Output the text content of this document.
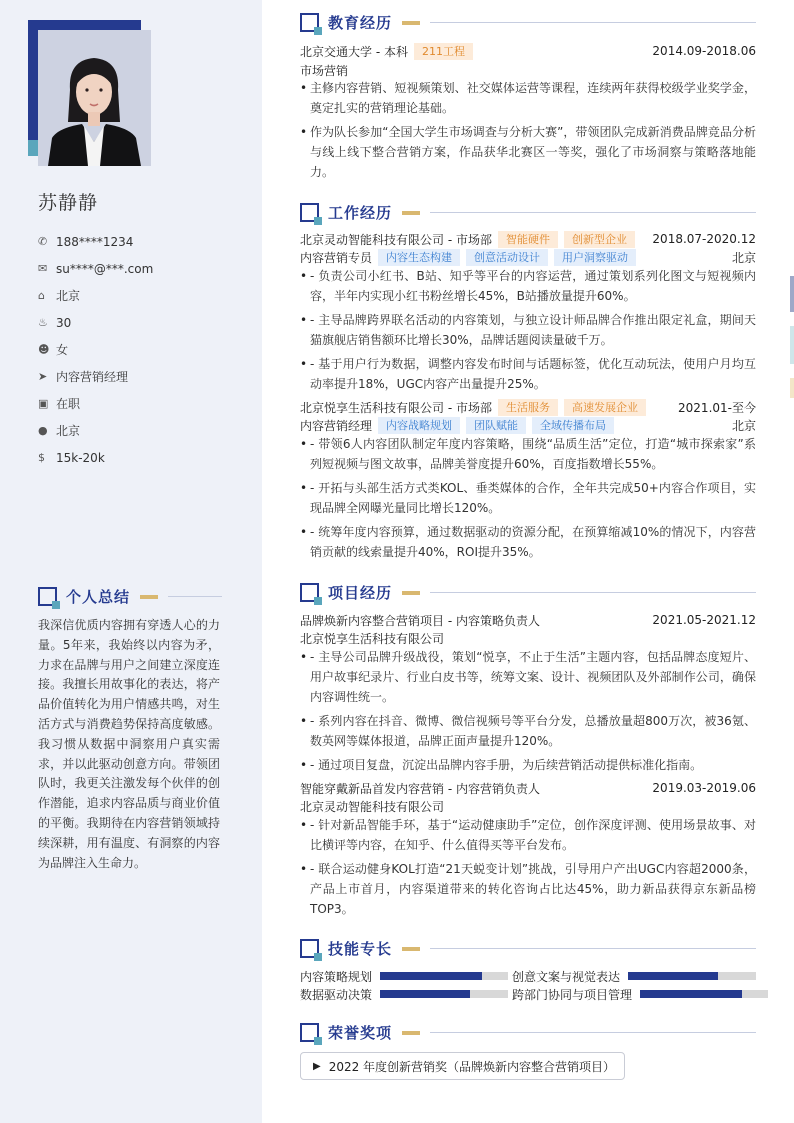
苏静静
✆ 188****1234
✉ su****@***.com
⌂ 北京
♨ 30
☻ 女
➤ 内容营销经理
▣ 在职
● 北京
$ 15k-20k
个人总结
我深信优质内容拥有穿透人心的力量。5年来，我始终以内容为矛，力求在品牌与用户之间建立深度连接。我擅长用故事化的表达，将产品价值转化为用户情感共鸣，对生活方式与消费趋势保持高度敏感。我习惯从数据中洞察用户真实需求，并以此驱动创意方向。带领团队时，我更关注激发每个伙伴的创作潜能，追求内容品质与商业价值的平衡。我期待在内容营销领域持续深耕，用有温度、有洞察的内容为品牌注入生命力。
教育经历
北京交通大学 - 本科	211工程	2014.09-2018.06
市场营销
• 主修内容营销、短视频策划、社交媒体运营等课程，连续两年获得校级学业奖学金，奠定扎实的营销理论基础。
• 作为队长参加“全国大学生市场调查与分析大赛”，带领团队完成新消费品牌竞品分析与线上线下整合营销方案，作品获华北赛区一等奖，强化了市场洞察与策略落地能力。
工作经历
北京灵动智能科技有限公司 - 市场部	智能硬件	创新型企业	2018.07-2020.12
内容营销专员	内容生态构建	创意活动设计	用户洞察驱动	北京
• - 负责公司小红书、B站、知乎等平台的内容运营，通过策划系列化图文与短视频内容，半年内实现小红书粉丝增长45%，B站播放量提升60%。
• - 主导品牌跨界联名活动的内容策划，与独立设计师品牌合作推出限定礼盒，期间天猫旗舰店销售额环比增长30%，品牌话题阅读量破千万。
• - 基于用户行为数据，调整内容发布时间与话题标签，优化互动玩法，使用户月均互动率提升18%，UGC内容产出量提升25%。
北京悦享生活科技有限公司 - 市场部	生活服务	高速发展企业	2021.01-至今
内容营销经理	内容战略规划	团队赋能	全域传播布局	北京
• - 带领6人内容团队制定年度内容策略，围绕“品质生活”定位，打造“城市探索家”系列短视频与图文故事，品牌美誉度提升60%，百度指数增长55%。
• - 开拓与头部生活方式类KOL、垂类媒体的合作，全年共完成50+内容合作项目，实现品牌全网曝光量同比增长120%。
• - 统筹年度内容预算，通过数据驱动的资源分配，在预算缩减10%的情况下，内容营销贡献的线索量提升40%，ROI提升35%。
项目经历
品牌焕新内容整合营销项目 - 内容策略负责人	2021.05-2021.12
北京悦享生活科技有限公司
• - 主导公司品牌升级战役，策划“悦享，不止于生活”主题内容，包括品牌态度短片、用户故事纪录片、行业白皮书等，统筹文案、设计、视频团队及外部制作公司，确保内容调性统一。
• - 系列内容在抖音、微博、微信视频号等平台分发，总播放量超800万次，被36氪、数英网等媒体报道，品牌正面声量提升120%。
• - 通过项目复盘，沉淀出品牌内容手册，为后续营销活动提供标准化指南。
智能穿戴新品首发内容营销 - 内容营销负责人	2019.03-2019.06
北京灵动智能科技有限公司
• - 针对新品智能手环，基于“运动健康助手”定位，创作深度评测、使用场景故事、对比横评等内容，在知乎、什么值得买等平台发布。
• - 联合运动健身KOL打造“21天蜕变计划”挑战，引导用户产出UGC内容超2000条，产品上市首月，内容渠道带来的转化咨询占比达45%，助力新品获得京东新品榜TOP3。
技能专长
内容策略规划	创意文案与视觉表达
数据驱动决策	跨部门协同与项目管理
荣誉奖项
▶ 2022 年度创新营销奖（品牌焕新内容整合营销项目）
